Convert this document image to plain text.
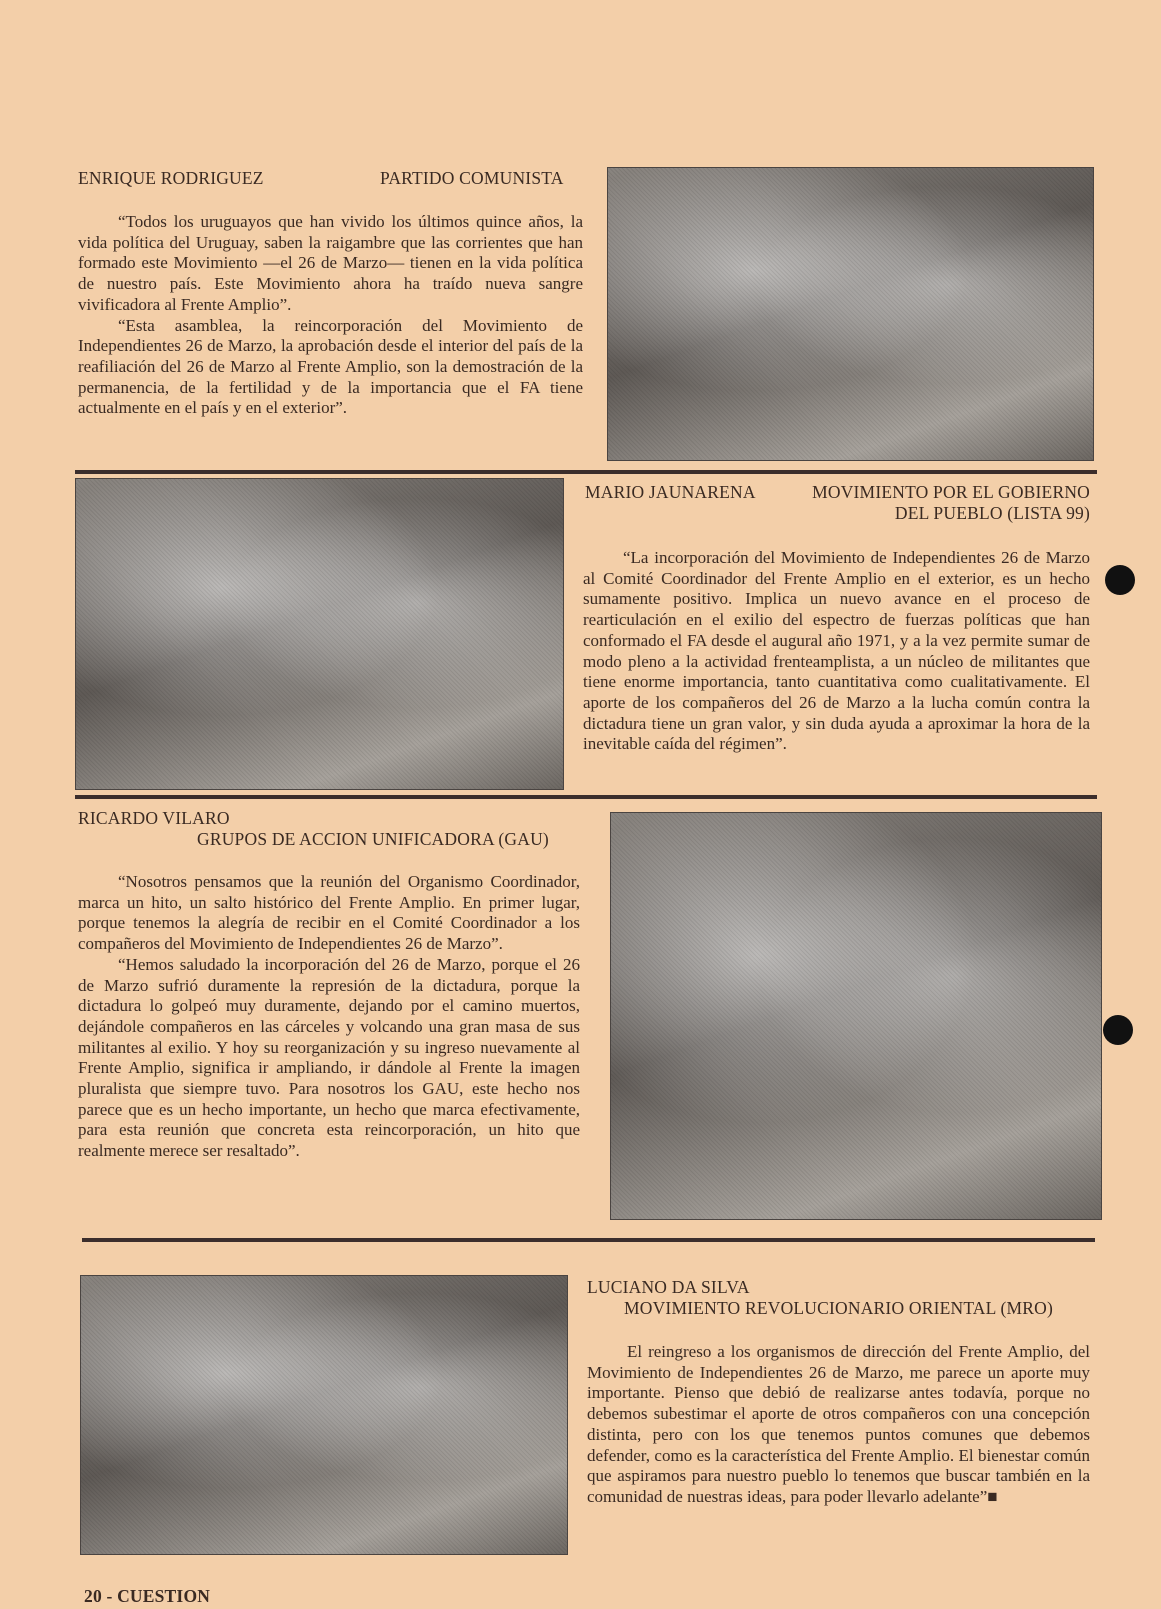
ENRIQUE RODRIGUEZ	PARTIDO COMUNISTA

“Todos los uruguayos que han vivido los últimos quince años, la vida política del Uruguay, saben la raigambre que las corrientes que han formado este Movimiento —el 26 de Marzo— tienen en la vida política de nuestro país. Este Movimiento ahora ha traído nueva sangre vivificadora al Frente Amplio”.

“Esta asamblea, la reincorporación del Movimiento de Independientes 26 de Marzo, la aprobación desde el interior del país de la reafiliación del 26 de Marzo al Frente Amplio, son la demostración de la permanencia, de la fertilidad y de la importancia que el FA tiene actualmente en el país y en el exterior”.

MARIO JAUNARENA	MOVIMIENTO POR EL GOBIERNO
DEL PUEBLO (LISTA 99)

“La incorporación del Movimiento de Independientes 26 de Marzo al Comité Coordinador del Frente Amplio en el exterior, es un hecho sumamente positivo. Implica un nuevo avance en el proceso de rearticulación en el exilio del espectro de fuerzas políticas que han conformado el FA desde el augural año 1971, y a la vez permite sumar de modo pleno a la actividad frenteamplista, a un núcleo de militantes que tiene enorme importancia, tanto cuantitativa como cualitativamente. El aporte de los compañeros del 26 de Marzo a la lucha común contra la dictadura tiene un gran valor, y sin duda ayuda a aproximar la hora de la inevitable caída del régimen”.

RICARDO VILARO
GRUPOS DE ACCION UNIFICADORA (GAU)

“Nosotros pensamos que la reunión del Organismo Coordinador, marca un hito, un salto histórico del Frente Amplio. En primer lugar, porque tenemos la alegría de recibir en el Comité Coordinador a los compañeros del Movimiento de Independientes 26 de Marzo”.

“Hemos saludado la incorporación del 26 de Marzo, porque el 26 de Marzo sufrió duramente la represión de la dictadura, porque la dictadura lo golpeó muy duramente, dejando por el camino muertos, dejándole compañeros en las cárceles y volcando una gran masa de sus militantes al exilio. Y hoy su reorganización y su ingreso nuevamente al Frente Amplio, significa ir ampliando, ir dándole al Frente la imagen pluralista que siempre tuvo. Para nosotros los GAU, este hecho nos parece que es un hecho importante, un hecho que marca efectivamente, para esta reunión que concreta esta reincorporación, un hito que realmente merece ser resaltado”.

LUCIANO DA SILVA
MOVIMIENTO REVOLUCIONARIO ORIENTAL (MRO)

El reingreso a los organismos de dirección del Frente Amplio, del Movimiento de Independientes 26 de Marzo, me parece un aporte muy importante. Pienso que debió de realizarse antes todavía, porque no debemos subestimar el aporte de otros compañeros con una concepción distinta, pero con los que tenemos puntos comunes que debemos defender, como es la característica del Frente Amplio. El bienestar común que aspiramos para nuestro pueblo lo tenemos que buscar también en la comunidad de nuestras ideas, para poder llevarlo adelante”■

20 - CUESTION
